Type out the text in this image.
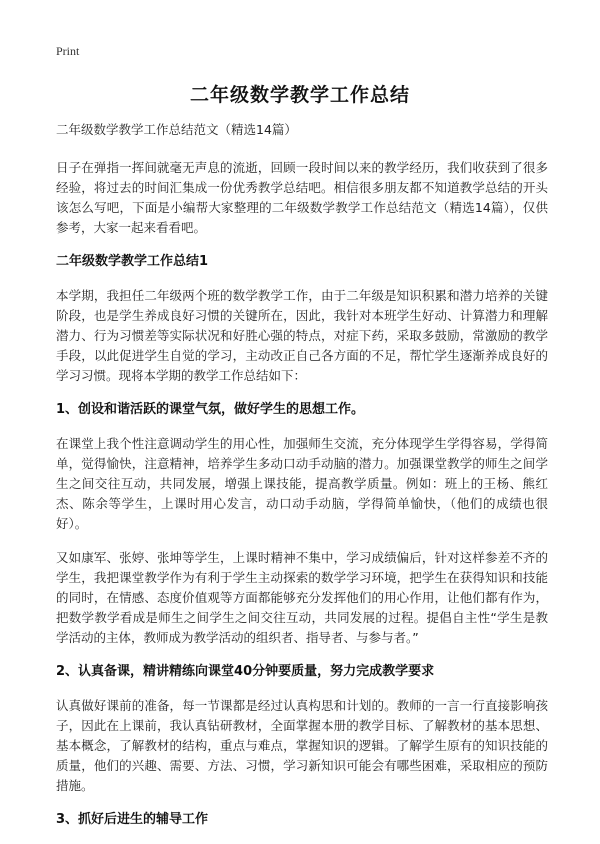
Print
二年级数学教学工作总结

二年级数学教学工作总结范文（精选14篇）

日子在弹指一挥间就毫无声息的流逝，回顾一段时间以来的教学经历，我们收获到了很多经验，将过去的时间汇集成一份优秀教学总结吧。相信很多朋友都不知道教学总结的开头该怎么写吧，下面是小编帮大家整理的二年级数学教学工作总结范文（精选14篇），仅供参考，大家一起来看看吧。

二年级数学教学工作总结1

本学期，我担任二年级两个班的数学教学工作，由于二年级是知识积累和潜力培养的关键阶段，也是学生养成良好习惯的关键所在，因此，我针对本班学生好动、计算潜力和理解潜力、行为习惯差等实际状况和好胜心强的特点，对症下药，采取多鼓励，常激励的教学手段，以此促进学生自觉的学习，主动改正自己各方面的不足，帮忙学生逐渐养成良好的学习习惯。现将本学期的教学工作总结如下：

1、创设和谐活跃的课堂气氛，做好学生的思想工作。

在课堂上我个性注意调动学生的用心性，加强师生交流，充分体现学生学得容易，学得简单，觉得愉快，注意精神，培养学生多动口动手动脑的潜力。加强课堂教学的师生之间学生之间交往互动，共同发展，增强上课技能，提高教学质量。例如：班上的王杨、熊红杰、陈余等学生，上课时用心发言，动口动手动脑，学得简单愉快，（他们的成绩也很好）。

又如康军、张婷、张坤等学生，上课时精神不集中，学习成绩偏后，针对这样参差不齐的学生，我把课堂教学作为有利于学生主动探索的数学学习环境，把学生在获得知识和技能的同时，在情感、态度价值观等方面都能够充分发挥他们的用心作用，让他们都有作为，把数学教学看成是师生之间学生之间交往互动，共同发展的过程。提倡自主性“学生是教学活动的主体，教师成为教学活动的组织者、指导者、与参与者。”

2、认真备课，精讲精练向课堂40分钟要质量，努力完成教学要求

认真做好课前的准备，每一节课都是经过认真构思和计划的。教师的一言一行直接影响孩子，因此在上课前，我认真钻研教材，全面掌握本册的教学目标、了解教材的基本思想、基本概念，了解教材的结构，重点与难点，掌握知识的逻辑。了解学生原有的知识技能的质量，他们的兴趣、需要、方法、习惯，学习新知识可能会有哪些困难，采取相应的预防措施。

3、抓好后进生的辅导工作
